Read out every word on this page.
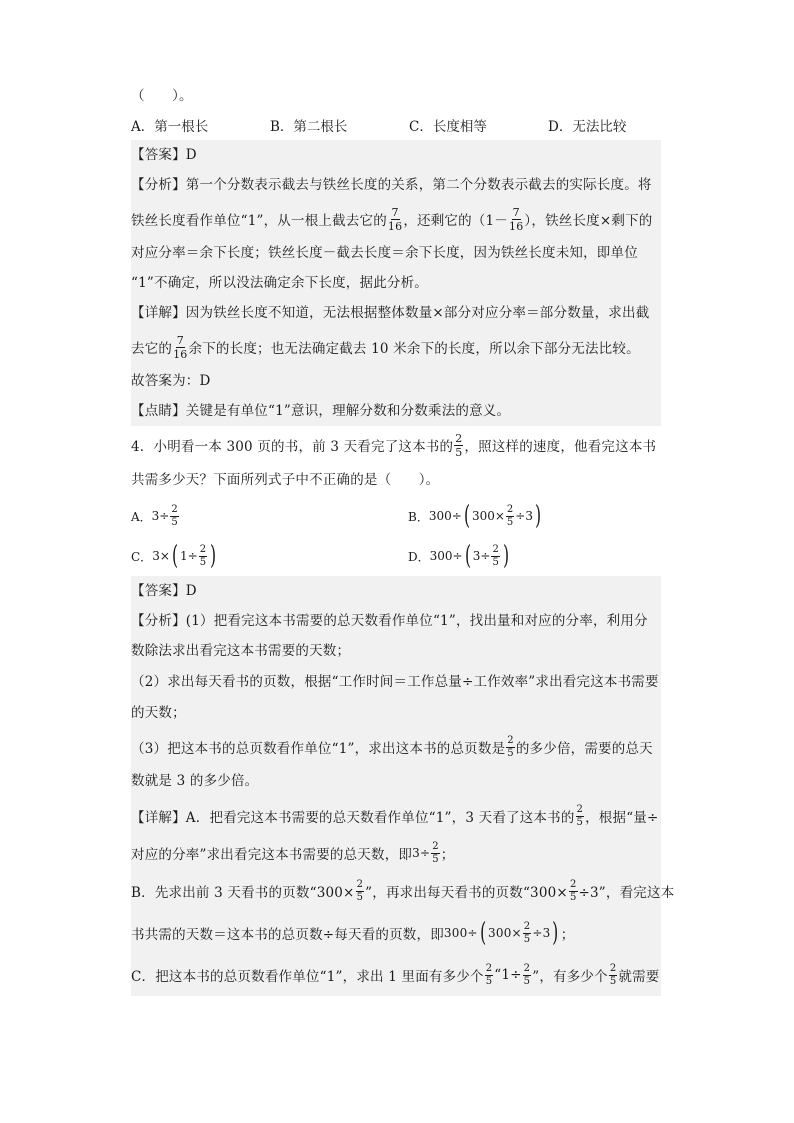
（　　）。
A．第一根长	B．第二根长	C．长度相等	D．无法比较
【答案】D
【分析】第一个分数表示截去与铁丝长度的关系，第二个分数表示截去的实际长度。将
铁丝长度看作单位“1”，从一根上截去它的 $\frac{7}{16}$ ，还剩它的（$1- \frac{7}{16}$ ），铁丝长度×剩下的
对应分率＝余下长度；铁丝长度－截去长度＝余下长度，因为铁丝长度未知，即单位
“1”不确定，所以没法确定余下长度，据此分析。
【详解】因为铁丝长度不知道，无法根据整体数量×部分对应分率＝部分数量，求出截
去它的 $\frac{7}{16}$ 余下的长度；也无法确定截去 10 米余下的长度，所以余下部分无法比较。
故答案为：D
【点睛】关键是有单位“1”意识，理解分数和分数乘法的意义。
4．小明看一本 300 页的书，前 3 天看完了这本书的 $\frac{2}{5}$ ，照这样的速度，他看完这本书
共需多少天？下面所列式子中不正确的是（　　）。
A． $3\div \frac{2}{5}$	B． 300÷ ( $300\times \frac{2}{5} \div 3$ )
C． 3× ( $1\div \frac{2}{5}$ )	D． 300÷ ( $3\div \frac{2}{5}$ )
【答案】D
【分析】(1）把看完这本书需要的总天数看作单位“1”，找出量和对应的分率，利用分
数除法求出看完这本书需要的天数；
（2）求出每天看书的页数，根据“工作时间＝工作总量÷工作效率”求出看完这本书需要
的天数；
（3）把这本书的总页数看作单位“1”，求出这本书的总页数是 $\frac{2}{5}$ 的多少倍，需要的总天
数就是 3 的多少倍。
【详解】A．把看完这本书需要的总天数看作单位“1”，3 天看了这本书的 $\frac{2}{5}$ ，根据“量÷
对应的分率”求出看完这本书需要的总天数，即 $3\div \frac{2}{5}$ ；
B．先求出前 3 天看书的页数“$300\times \frac{2}{5}$ ”，再求出每天看书的页数“$300\times \frac{2}{5} \div 3$”，看完这本
书共需的天数＝这本书的总页数÷每天看的页数，即 300÷ ( $300\times \frac{2}{5} \div 3$ ) ；
C．把这本书的总页数看作单位“1”，求出 1 里面有多少个 $\frac{2}{5}$ “$1\div \frac{2}{5}$ ”，有多少个 $\frac{2}{5}$ 就需要
